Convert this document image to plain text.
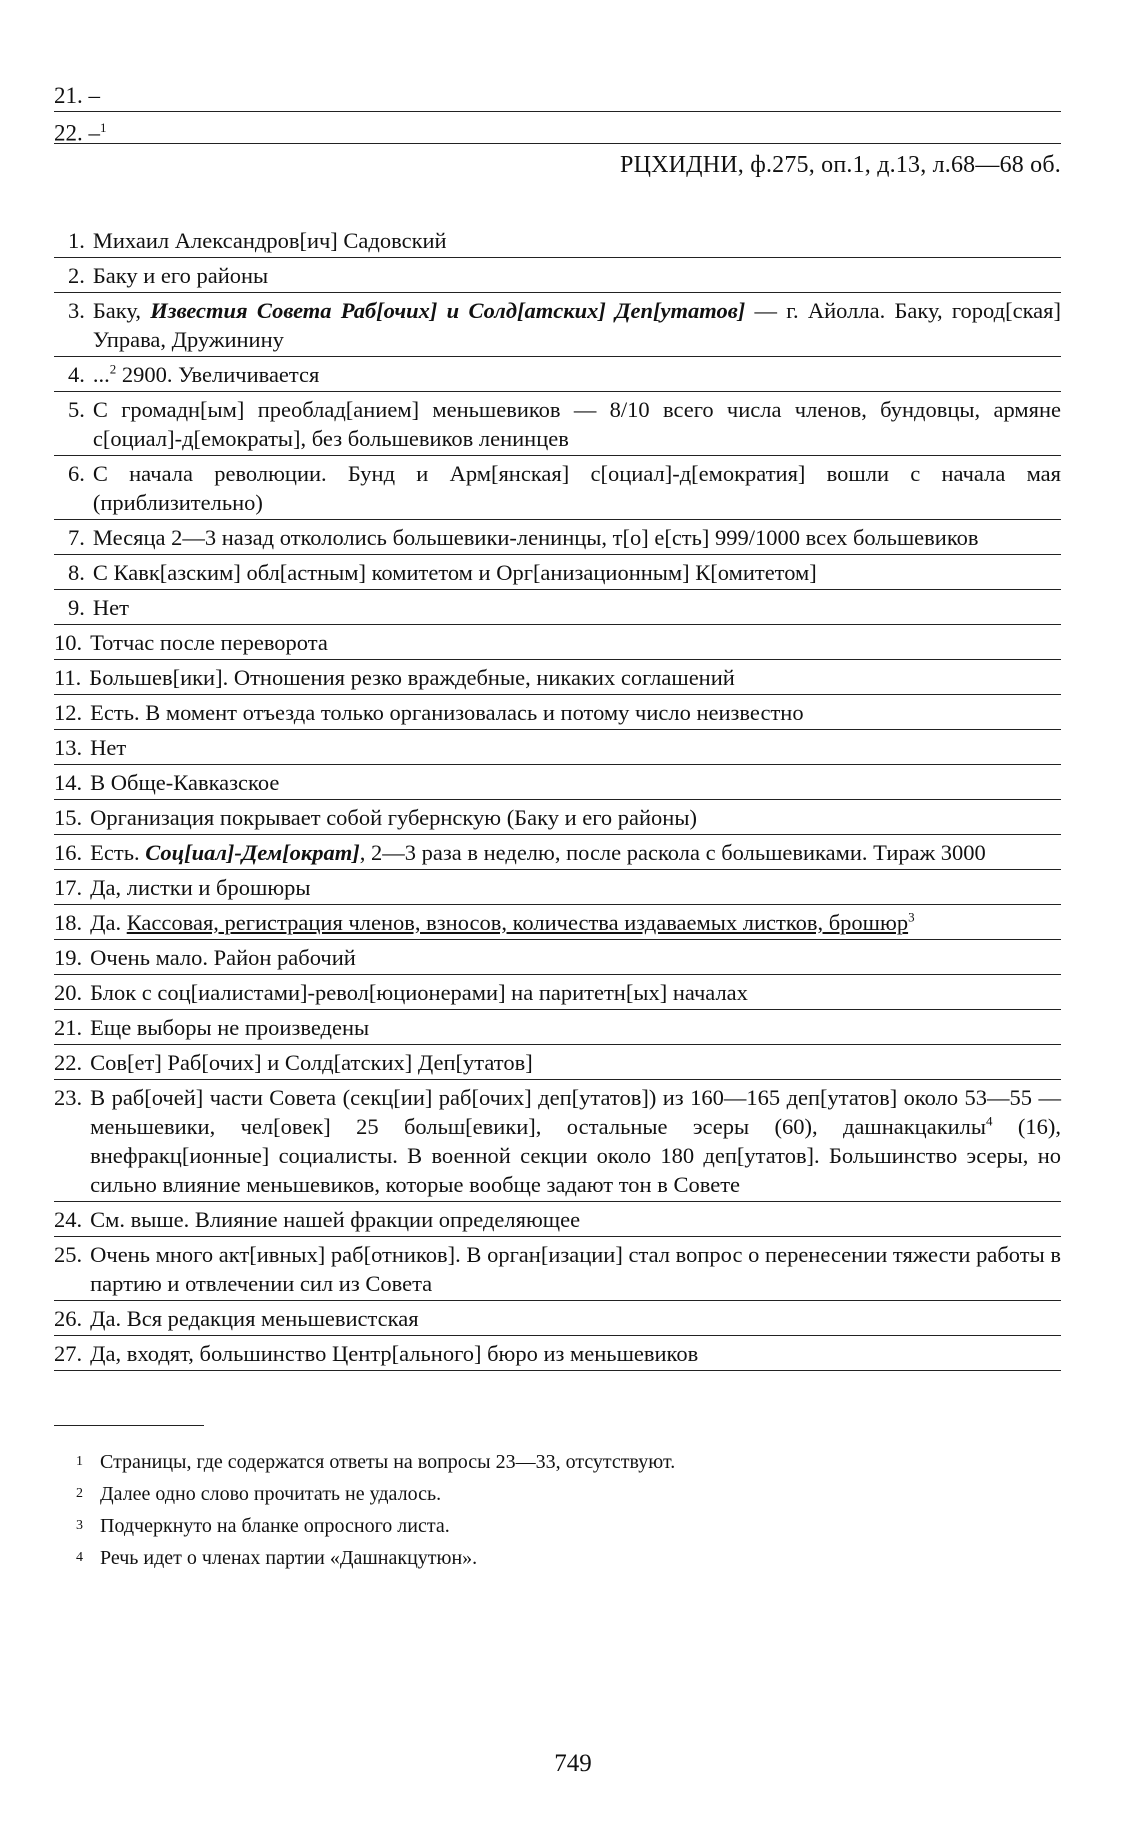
21. –
22. –$^1$
РЦХИДНИ, ф.275, оп.1, д.13, л.68—68 об.
1. Михаил Александров[ич] Садовский
2. Баку и его районы
3. Баку, Известия Совета Раб[очих] и Солд[атских] Деп[утатов] — г. Айолла. Баку, город[ская] Управа, Дружинину
4. ...$^2$ 2900. Увеличивается
5. С громадн[ым] преоблад[анием] меньшевиков — 8/10 всего числа членов, бундовцы, армяне с[оциал]-д[емократы], без большевиков ленинцев
6. С начала революции. Бунд и Арм[янская] с[оциал]-д[емократия] вошли с начала мая (приблизительно)
7. Месяца 2—3 назад откололись большевики-ленинцы, т[о] е[сть] 999/1000 всех большевиков
8. С Кавк[азским] обл[астным] комитетом и Орг[анизационным] К[омитетом]
9. Нет
10. Тотчас после переворота
11. Большев[ики]. Отношения резко враждебные, никаких соглашений
12. Есть. В момент отъезда только организовалась и потому число неизвестно
13. Нет
14. В Обще-Кавказское
15. Организация покрывает собой губернскую (Баку и его районы)
16. Есть. Соц[иал]-Дем[ократ], 2—3 раза в неделю, после раскола с большевиками. Тираж 3000
17. Да, листки и брошюры
18. Да. Кассовая, регистрация членов, взносов, количества издаваемых листков, брошюр$^3$
19. Очень мало. Район рабочий
20. Блок с соц[иалистами]-револ[юционерами] на паритетн[ых] началах
21. Еще выборы не произведены
22. Сов[ет] Раб[очих] и Солд[атских] Деп[утатов]
23. В раб[очей] части Совета (секц[ии] раб[очих] деп[утатов]) из 160—165 деп[утатов] около 53—55 — меньшевики, чел[овек] 25 больш[евики], остальные эсеры (60), дашнакцакилы$^4$ (16), внефракц[ионные] социалисты. В военной секции около 180 деп[утатов]. Большинство эсеры, но сильно влияние меньшевиков, которые вообще задают тон в Совете
24. См. выше. Влияние нашей фракции определяющее
25. Очень много акт[ивных] раб[отников]. В орган[изации] стал вопрос о перенесении тяжести работы в партию и отвлечении сил из Совета
26. Да. Вся редакция меньшевистская
27. Да, входят, большинство Центр[ального] бюро из меньшевиков
1 Страницы, где содержатся ответы на вопросы 23—33, отсутствуют.
2 Далее одно слово прочитать не удалось.
3 Подчеркнуто на бланке опросного листа.
4 Речь идет о членах партии «Дашнакцутюн».
749
